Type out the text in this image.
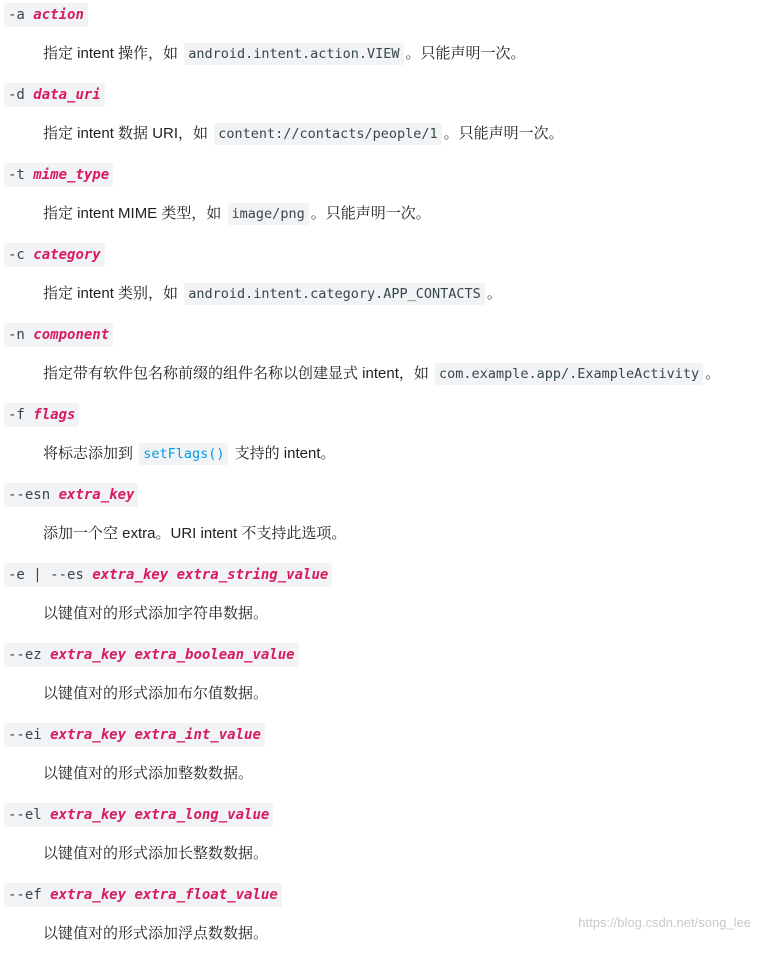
-a action
指定 intent 操作，如 android.intent.action.VIEW 。只能声明一次。
-d data_uri
指定 intent 数据 URI，如 content://contacts/people/1 。只能声明一次。
-t mime_type
指定 intent MIME 类型，如 image/png 。只能声明一次。
-c category
指定 intent 类别，如 android.intent.category.APP_CONTACTS 。
-n component
指定带有软件包名称前缀的组件名称以创建显式 intent，如 com.example.app/.ExampleActivity 。
-f flags
将标志添加到 setFlags() 支持的 intent。
--esn extra_key
添加一个空 extra。URI intent 不支持此选项。
-e | --es extra_key extra_string_value
以键值对的形式添加字符串数据。
--ez extra_key extra_boolean_value
以键值对的形式添加布尔值数据。
--ei extra_key extra_int_value
以键值对的形式添加整数数据。
--el extra_key extra_long_value
以键值对的形式添加长整数数据。
--ef extra_key extra_float_value
以键值对的形式添加浮点数数据。
https://blog.csdn.net/song_lee
